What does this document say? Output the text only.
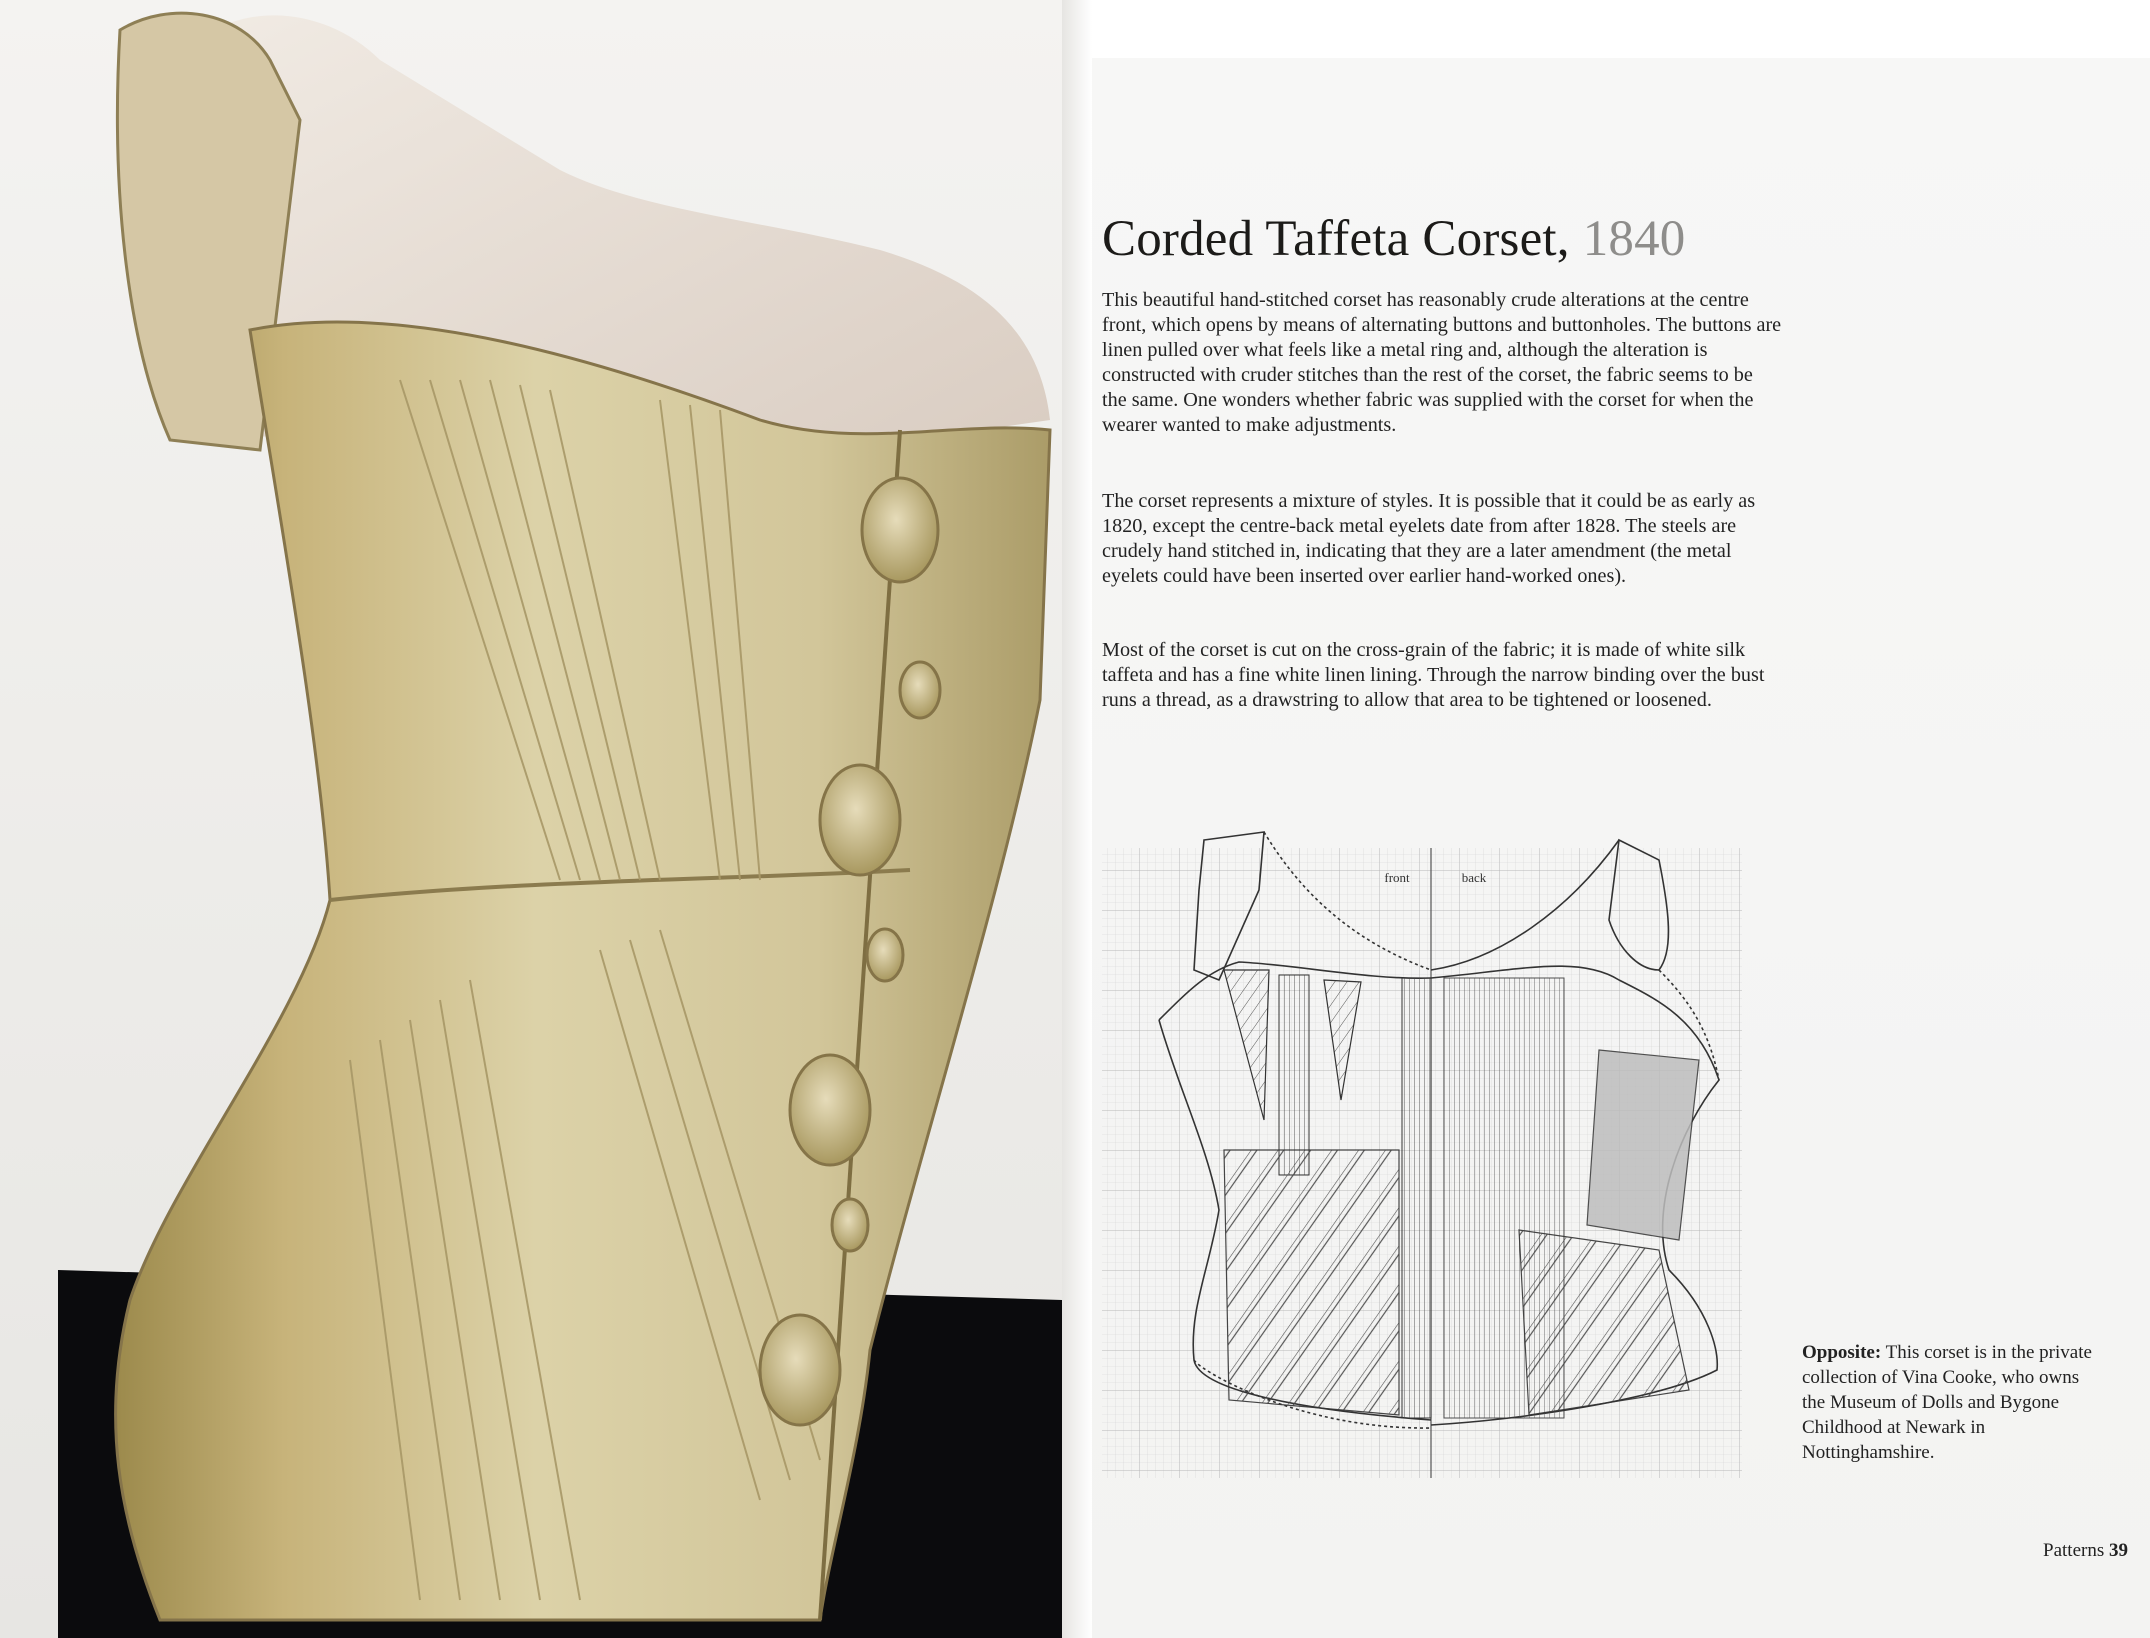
Corded Taffeta Corset, 1840

This beautiful hand-stitched corset has reasonably crude alterations at the centre front, which opens by means of alternating buttons and buttonholes. The buttons are linen pulled over what feels like a metal ring and, although the alteration is constructed with cruder stitches than the rest of the corset, the fabric seems to be the same. One wonders whether fabric was supplied with the corset for when the wearer wanted to make adjustments.

The corset represents a mixture of styles. It is possible that it could be as early as 1820, except the centre-back metal eyelets date from after 1828. The steels are crudely hand stitched in, indicating that they are a later amendment (the metal eyelets could have been inserted over earlier hand-worked ones).

Most of the corset is cut on the cross-grain of the fabric; it is made of white silk taffeta and has a fine white linen lining. Through the narrow binding over the bust runs a thread, as a drawstring to allow that area to be tightened or loosened.

front	back

Opposite: This corset is in the private collection of Vina Cooke, who owns the Museum of Dolls and Bygone Childhood at Newark in Nottinghamshire.

Patterns 39
